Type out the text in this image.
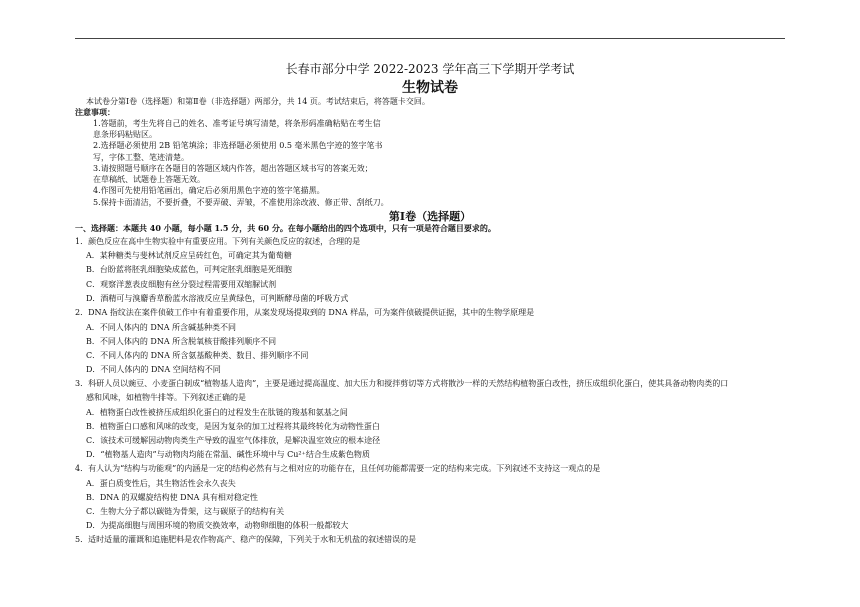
长春市部分中学 2022-2023 学年高三下学期开学考试
生物试卷
本试卷分第Ⅰ卷（选择题）和第Ⅱ卷（非选择题）两部分，共 14 页。考试结束后，将答题卡交回。
注意事项：
1.答题前，考生先将自己的姓名、准考证号填写清楚，将条形码准确粘贴在考生信
息条形码粘贴区。
2.选择题必须使用 2B 铅笔填涂；非选择题必须使用 0.5 毫米黑色字迹的签字笔书
写，字体工整、笔迹清楚。
3.请按照题号顺序在各题目的答题区域内作答，超出答题区域书写的答案无效；
在草稿纸、试题卷上答题无效。
4.作图可先使用铅笔画出，确定后必须用黑色字迹的签字笔描黑。
5.保持卡面清洁，不要折叠，不要弄破、弄皱，不准使用涂改液、修正带、刮纸刀。
第Ⅰ卷（选择题）
一、选择题：本题共 40 小题，每小题 1.5 分，共 60 分。在每小题给出的四个选项中，只有一项是符合题目要求的。
1．颜色反应在高中生物实验中有重要应用。下列有关颜色反应的叙述，合理的是
A．某种糖类与斐林试剂反应呈砖红色，可确定其为葡萄糖
B．台盼蓝将胚乳细胞染成蓝色，可判定胚乳细胞是死细胞
C．观察洋葱表皮细胞有丝分裂过程需要用双缩脲试剂
D．酒精可与溴麝香草酚蓝水溶液反应呈黄绿色，可判断酵母菌的呼吸方式
2．DNA 指纹法在案件侦破工作中有着重要作用，从案发现场提取到的 DNA 样品，可为案件侦破提供证据，其中的生物学原理是
A．不同人体内的 DNA 所含碱基种类不同
B．不同人体内的 DNA 所含脱氧核苷酸排列顺序不同
C．不同人体内的 DNA 所含氨基酸种类、数目、排列顺序不同
D．不同人体内的 DNA 空间结构不同
3．科研人员以豌豆、小麦蛋白制成“植物基人造肉”，主要是通过提高温度、加大压力和搅拌剪切等方式将散沙一样的天然结构植物蛋白改性，挤压成组织化蛋白，使其具备动物肉类的口
感和风味，如植物牛排等。下列叙述正确的是
A．植物蛋白改性被挤压成组织化蛋白的过程发生在肽链的羧基和氨基之间
B．植物蛋白口感和风味的改变，是因为复杂的加工过程将其最终转化为动物性蛋白
C．该技术可缓解因动物肉类生产导致的温室气体排放，是解决温室效应的根本途径
D．“植物基人造肉”与动物肉均能在常温、碱性环境中与 Cu²⁺结合生成紫色物质
4．有人认为“结构与功能观”的内涵是一定的结构必然有与之相对应的功能存在，且任何功能都需要一定的结构来完成。下列叙述不支持这一观点的是
A．蛋白质变性后，其生物活性会永久丧失
B．DNA 的双螺旋结构使 DNA 具有相对稳定性
C．生物大分子都以碳链为骨架，这与碳原子的结构有关
D．为提高细胞与周围环境的物质交换效率，动物卵细胞的体积一般都较大
5．适时适量的灌溉和追施肥料是农作物高产、稳产的保障，下列关于水和无机盐的叙述错误的是
